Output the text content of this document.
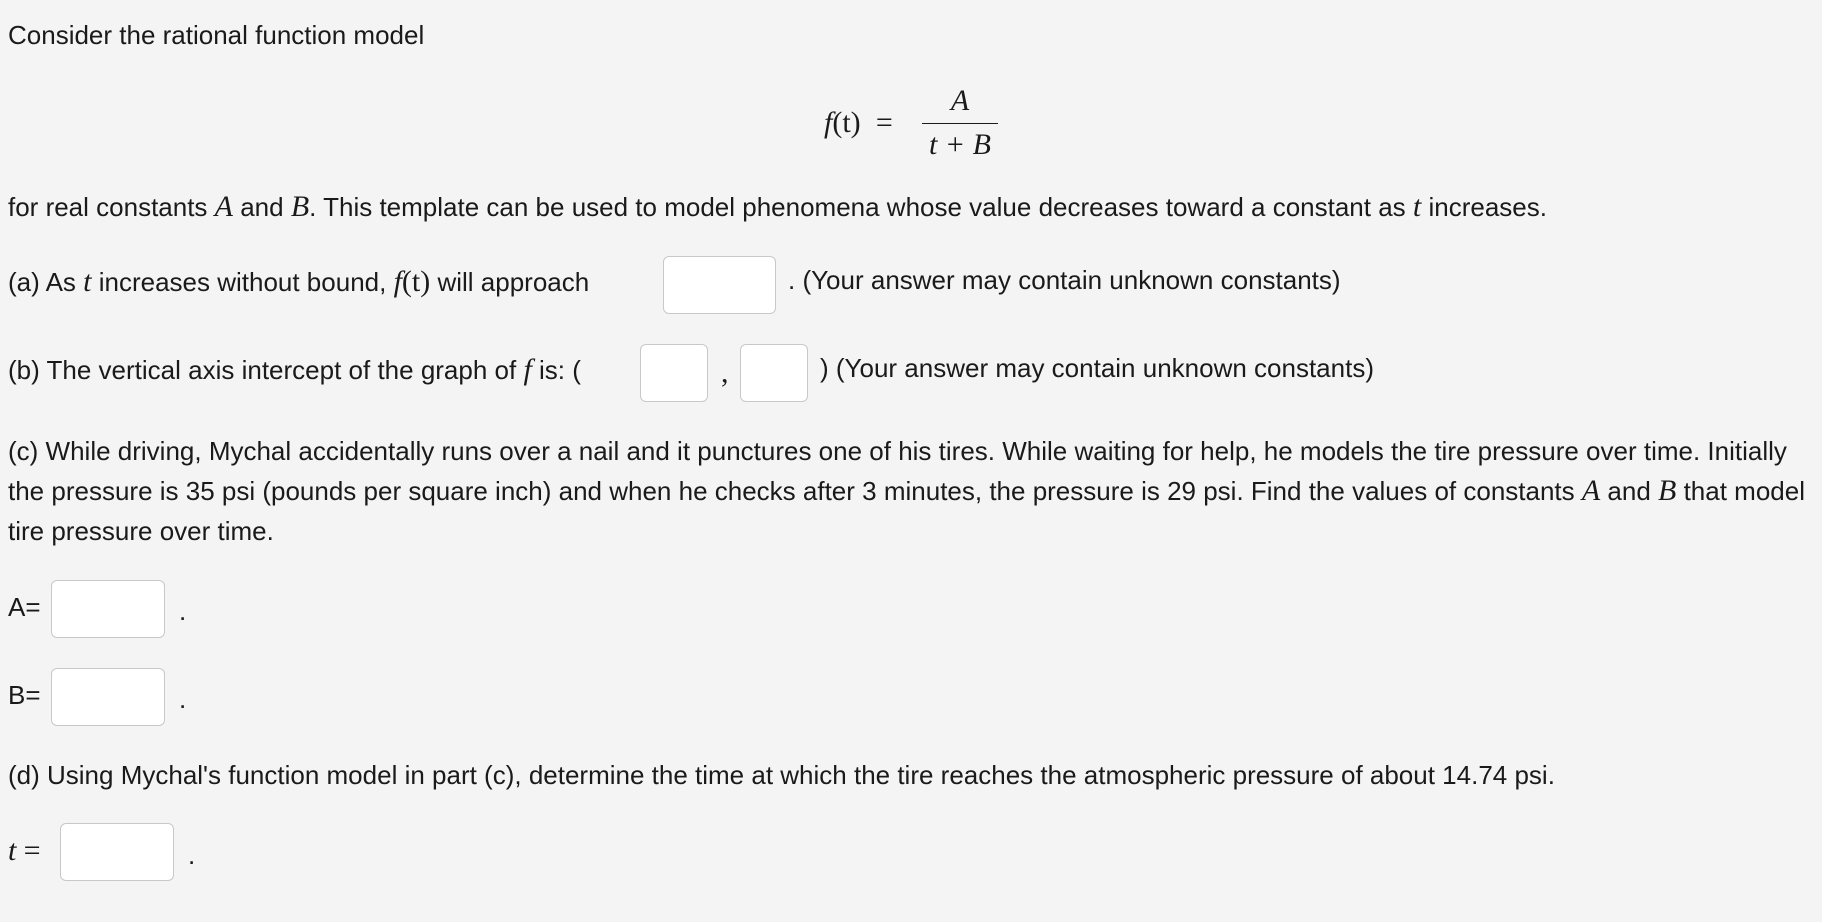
Consider the rational function model
f(t) =
A
t + B
for real constants A and B. This template can be used to model phenomena whose value decreases toward a constant as t increases.
(a) As t increases without bound, f(t) will approach	. (Your answer may contain unknown constants)
(b) The vertical axis intercept of the graph of f is: (	,	) (Your answer may contain unknown constants)
(c) While driving, Mychal accidentally runs over a nail and it punctures one of his tires. While waiting for help, he models the tire pressure over time. Initially the pressure is 35 psi (pounds per square inch) and when he checks after 3 minutes, the pressure is 29 psi. Find the values of constants A and B that model tire pressure over time.
A=	.
B=	.
(d) Using Mychal's function model in part (c), determine the time at which the tire reaches the atmospheric pressure of about 14.74 psi.
t =	.
